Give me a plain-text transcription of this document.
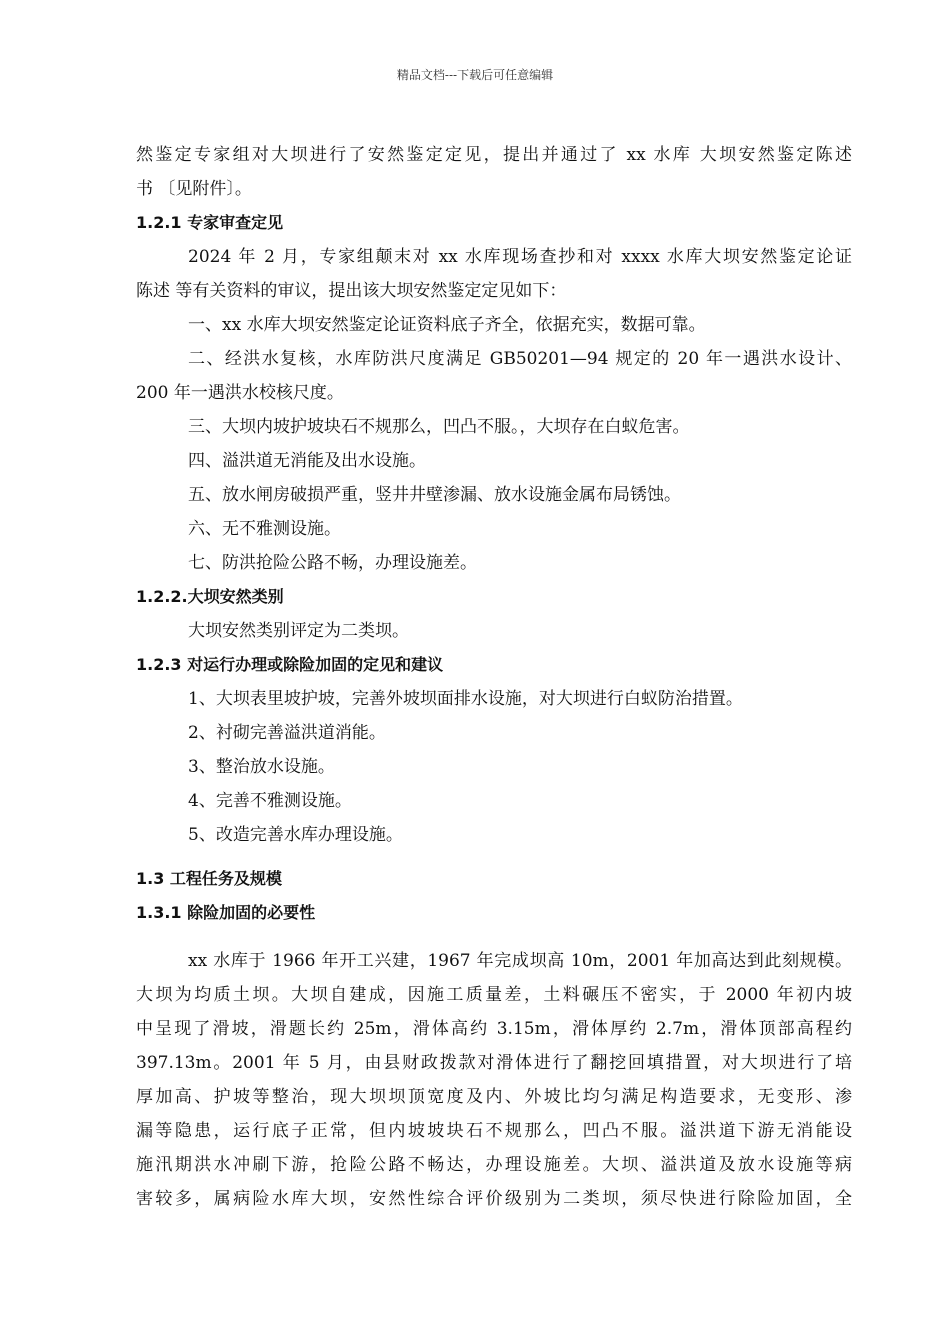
精品文档---下载后可任意编辑
然鉴定专家组对大坝进行了安然鉴定定见，提出并通过了 xx 水库 大坝安然鉴定陈述
书 〔见附件〕。
1.2.1 专家审查定见
2024 年 2 月，专家组颠末对 xx 水库现场查抄和对 xxxx 水库大坝安然鉴定论证
陈述 等有关资料的审议，提出该大坝安然鉴定定见如下：
一、xx 水库大坝安然鉴定论证资料底子齐全，依据充实，数据可靠。
二、经洪水复核，水库防洪尺度满足 GB50201—94 规定的 20 年一遇洪水设计、
200 年一遇洪水校核尺度。
三、大坝内坡护坡块石不规那么，凹凸不服。，大坝存在白蚁危害。
四、溢洪道无消能及出水设施。
五、放水闸房破损严重，竖井井壁渗漏、放水设施金属布局锈蚀。
六、无不雅测设施。
七、防洪抢险公路不畅，办理设施差。
1.2.2.大坝安然类别
大坝安然类别评定为二类坝。
1.2.3 对运行办理或除险加固的定见和建议
1、大坝表里坡护坡，完善外坡坝面排水设施，对大坝进行白蚁防治措置。
2、衬砌完善溢洪道消能。
3、整治放水设施。
4、完善不雅测设施。
5、改造完善水库办理设施。
1.3 工程任务及规模
1.3.1 除险加固的必要性
xx 水库于 1966 年开工兴建，1967 年完成坝高 10m，2001 年加高达到此刻规模。
大坝为均质土坝。大坝自建成，因施工质量差，土料碾压不密实，于 2000 年初内坡
中呈现了滑坡，滑题长约 25m，滑体高约 3.15m，滑体厚约 2.7m，滑体顶部高程约
397.13m。2001 年 5 月，由县财政拨款对滑体进行了翻挖回填措置，对大坝进行了培
厚加高、护坡等整治，现大坝坝顶宽度及内、外坡比均匀满足构造要求，无变形、渗
漏等隐患，运行底子正常，但内坡坡块石不规那么，凹凸不服。溢洪道下游无消能设
施汛期洪水冲刷下游，抢险公路不畅达，办理设施差。大坝、溢洪道及放水设施等病
害较多，属病险水库大坝，安然性综合评价级别为二类坝，须尽快进行除险加固，全
